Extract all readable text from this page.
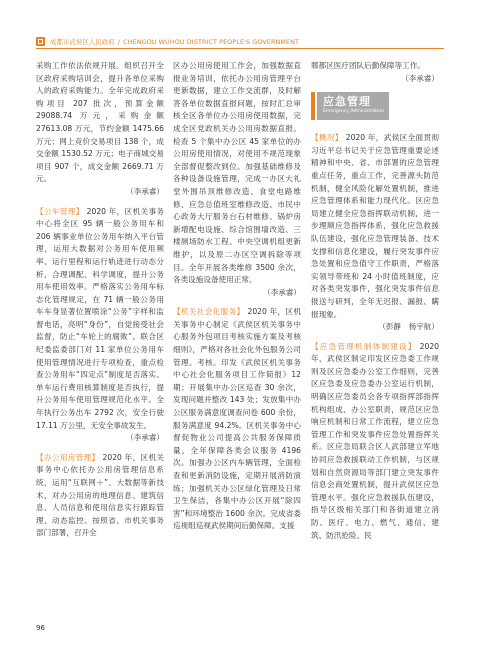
成都市武侯区人民政府 / CHENGDU WUHOU DISTRICT PEOPLE'S GOVERNMENT

采购工作依法依规开展。组织召开全区政府采购培训会，提升各单位采购人的政府采购能力。全年完成政府采购项目 207 批次，预算金额 29088.74 万元，采购金额 27613.08 万元，节约金额 1475.66 万元；网上竞价交易项目 138 个，成交金额 1530.52 万元；电子商城交易项目 907 个，成交金额 2669.71 万元。
（李承睿）

【公车管理】 2020 年，区机关事务中心将全区 95 辆一般公务用车和 206 辆事业单位公务用车纳入平台管理，运用大数据对公务用车使用频率、运行里程和运行轨迹进行动态分析，合理调配、科学调度，提升公务用车使用效率。严格落实公务用车标志化管理规定，在 71 辆一般公务用车车身显著位置喷涂“公务”字样和监督电话，亮明“身份”，自觉接受社会监督，防止“车轮上的腐败”。联合区纪委监委部门对 11 家单位公务用车使用管理情况进行专项检查，重点检查公务用车“四定点”制度是否落实、单车运行费用核算制度是否执行，提升公务用车使用管理规范化水平。全年执行公务出车 2792 次，安全行驶 17.11 万公里，无安全事故发生。
（李承睿）

【办公用房管理】 2020 年，区机关事务中心依托办公用房管理信息系统，运用“互联网＋”、大数据等新技术，对办公用房的地理信息、建筑信息、人员信息和使用信息实行跟踪管理、动态监控。按照省、市机关事务部门部署，召开全

区办公用房使用工作会，加强数据直报业务培训，依托办公用房管理平台更新数据，建立工作交流群，及时解答各单位数据直报问题，按时汇总审核全区各单位办公用房使用数据，完成全区党政机关办公用房数据直报。检查 5 个集中办公区 45 家单位的办公用房使用情况，对使用不规范现象全部督促整改到位。加强基础维修及各种设备设施管理，完成一办区大礼堂外围吊顶维修改造、食堂电路维修、应急总值班室维修改造、市民中心政务大厅服务台石材维修、锅炉房新增配电设施、综合馆围墙改造、三楼厕场防水工程、中央空调机组更新维护，以及原二办区空调拆除等项目。全年开展各类维修 3500 余次，各类设施设备使用正常。
（李承睿）

【机关社会化服务】 2020 年，区机关事务中心制定《武侯区机关事务中心服务外包项目考核实施方案及考核细则》，严格对各社会化外包服务公司管理、考核。印发《武侯区机关事务中心社会化服务项目工作简报》12 期；开展集中办公区巡查 30 余次，发现问题并整改 143 处；发放集中办公区服务满意度调查问卷 600 余份，服务满意度 94.2%。区机关事务中心督促物业公司提高公共服务保障质量，全年保障各类会议服务 4196 次。加强办公区内车辆管理，全面检查和更新消防设施，定期开展消防演练；加强机关办公区绿化管理及日常卫生保洁，各集中办公区开展“除四害”和环境整治 1600 余次。完成省委巡视组巡视武侯期间后勤保障。支援

郫都区医疗团队后勤保障等工作。
（李承睿）

应急管理
Emergency Administration

【概况】 2020 年，武侯区全面贯彻习近平总书记关于应急管理重要论述精神和中央、省、市部署的应急管理重点任务，重点工作，完善源头防范机制，健全风险化解处置机制，推进应急管理体系和能力现代化。区应急局建立健全应急指挥联动机制，进一步理顺应急指挥体系，强化应急救援队伍建设，强化应急管理装备、技术支撑和信息化建设，履行突发事件应急处置和应急值守工作职责，严格落实领导带班和 24 小时值班制度，应对各类突发事件，强化突发事件信息报送与研判，全年无迟报、漏报、瞒报现象。
（彭静　杨宇航）

【应急管理机制体制建设】 2020 年，武侯区制定印发区应急委工作规则及区应急委办公室工作细则，完善区应急委及应急委办公室运行机制，明确区应急委员会各专项指挥部指挥机构组成、办公室职责，规范区应急响应机制和日常工作流程，建立应急管理工作和突发事件应急处置指挥关系。区应急局联合区人武部建立军地协同应急救援联动工作机制，与区规划和自然资源局等部门建立突发事件信息会商处置机制，提升武侯区应急管理水平。强化应急救援队伍建设，指导区级相关部门和各街道建立消防、医疗、电力、燃气、通信、建筑、防汛抢险、民

96
